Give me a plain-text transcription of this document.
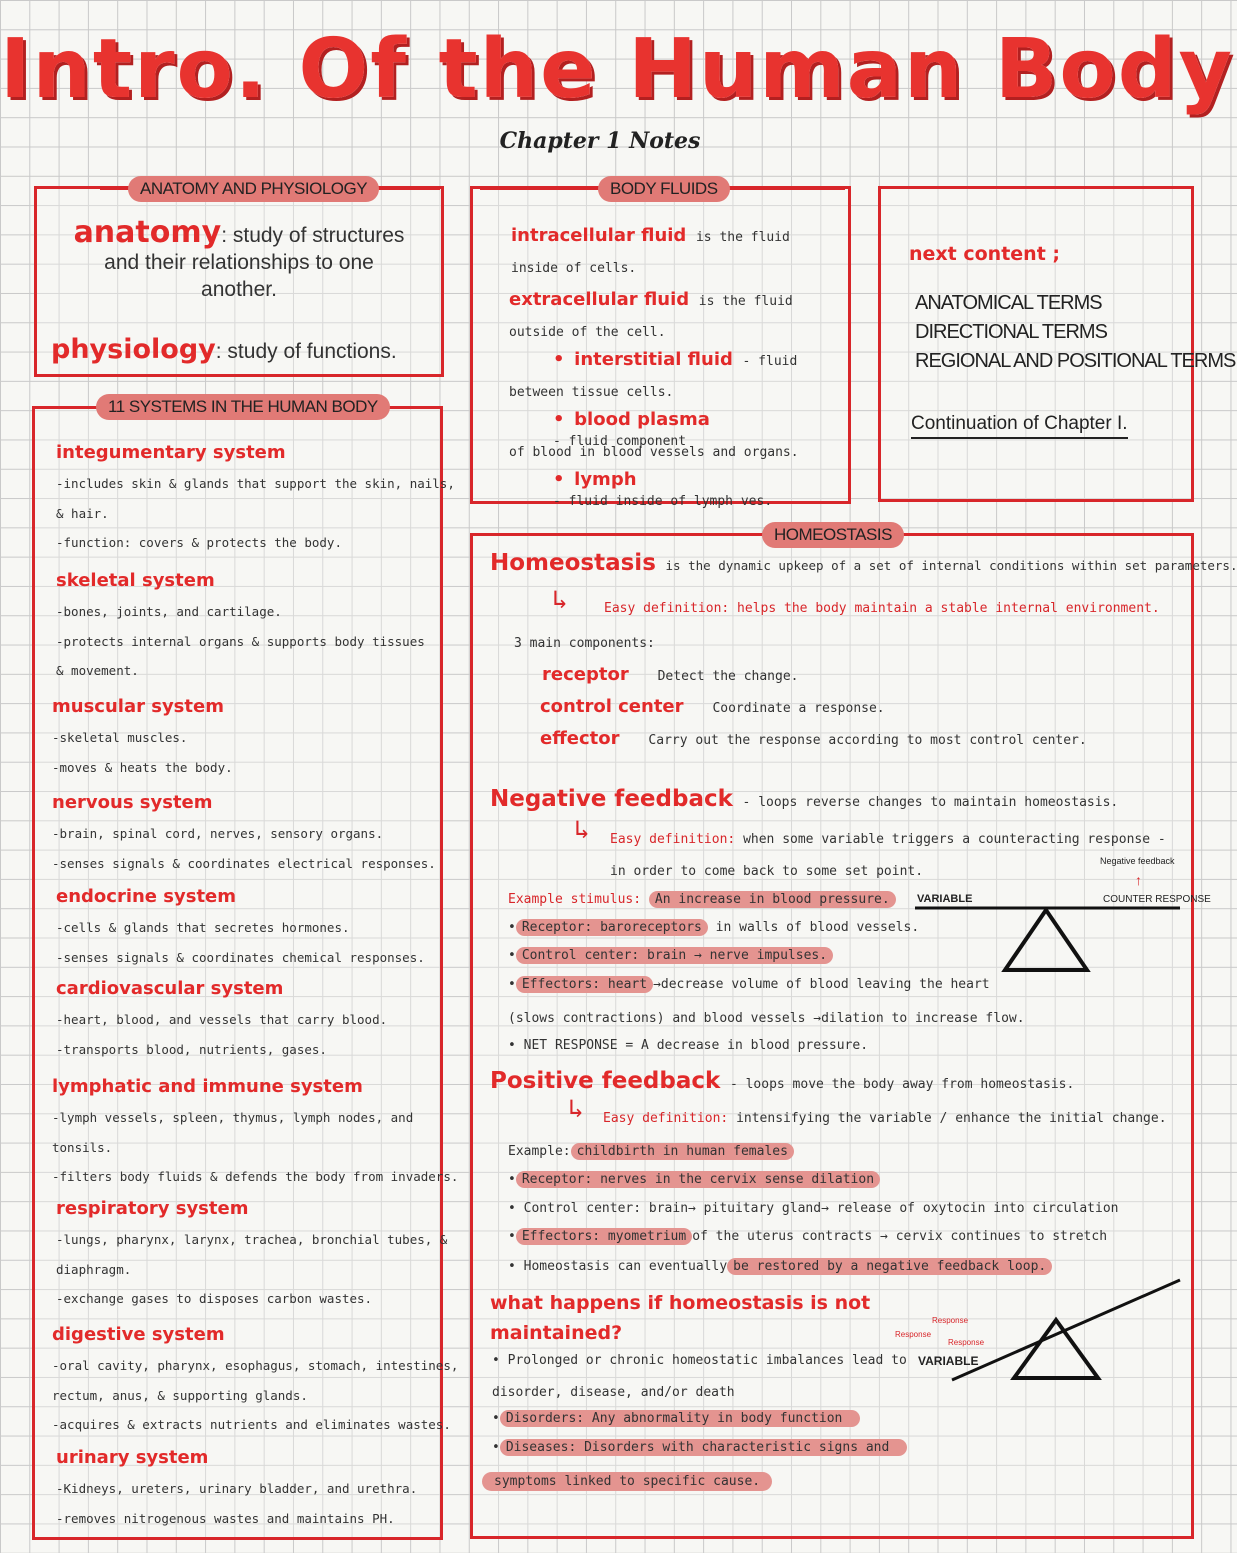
Intro. Of the Human Body
Chapter 1 Notes
anatomy: study of structures
and their relationships to one
another.
physiology: study of functions.
ANATOMY AND PHYSIOLOGY
11 SYSTEMS IN THE HUMAN BODY
integumentary system
-includes skin & glands that support the skin, nails,
& hair.
-function: covers & protects the body.
skeletal system
-bones, joints, and cartilage.
-protects internal organs & supports body tissues
& movement.
muscular system
-skeletal muscles.
-moves & heats the body.
nervous system
-brain, spinal cord, nerves, sensory organs.
-senses signals & coordinates electrical responses.
endocrine system
-cells & glands that secretes hormones.
-senses signals & coordinates chemical responses.
cardiovascular system
-heart, blood, and vessels that carry blood.
-transports blood, nutrients, gases.
lymphatic and immune system
-lymph vessels, spleen, thymus, lymph nodes, and
tonsils.
-filters body fluids & defends the body from invaders.
respiratory system
-lungs, pharynx, larynx, trachea, bronchial tubes, &
diaphragm.
-exchange gases to disposes carbon wastes.
digestive system
-oral cavity, pharynx, esophagus, stomach, intestines,
rectum, anus, & supporting glands.
-acquires & extracts nutrients and eliminates wastes.
urinary system
-Kidneys, ureters, urinary bladder, and urethra.
-removes nitrogenous wastes and maintains PH.
intracellular fluid is the fluid
inside of cells.
extracellular fluid is the fluid
outside of the cell.
• interstitial fluid - fluid
between tissue cells.
• blood plasma - fluid component
of blood in blood vessels and organs.
• lymph - fluid inside of lymph ves.
BODY FLUIDS
next content ;
ANATOMICAL TERMS
DIRECTIONAL TERMS
REGIONAL AND POSITIONAL TERMS
Continuation of Chapter I.
HOMEOSTASIS
Homeostasis is the dynamic upkeep of a set of internal conditions within set parameters.
↳	Easy definition: helps the body maintain a stable internal environment.
3 main components:
receptor Detect the change.
control center Coordinate a response.
effector Carry out the response according to most control center.
Negative feedback - loops reverse changes to maintain homeostasis.
↳ Easy definition: when some variable triggers a counteracting response -
in order to come back to some set point.
Example stimulus: An increase in blood pressure.
• Receptor: baroreceptors in walls of blood vessels.
• Control center: brain → nerve impulses.
• Effectors: heart →decrease volume of blood leaving the heart
(slows contractions) and blood vessels →dilation to increase flow.
• NET RESPONSE = A decrease in blood pressure.
Negative feedback
↑
VARIABLE	COUNTER RESPONSE
Positive feedback - loops move the body away from homeostasis.
↳ Easy definition: intensifying the variable / enhance the initial change.
Example: childbirth in human females
• Receptor: nerves in the cervix sense dilation
• Control center: brain→ pituitary gland→ release of oxytocin into circulation
• Effectors: myometrium of the uterus contracts → cervix continues to stretch
• Homeostasis can eventually be restored by a negative feedback loop.
Response
Response
Response
VARIABLE
what happens if homeostasis is not
maintained?
• Prolonged or chronic homeostatic imbalances lead to
disorder, disease, and/or death
• Disorders: Any abnormality in body function
• Diseases: Disorders with characteristic signs and
symptoms linked to specific cause.
